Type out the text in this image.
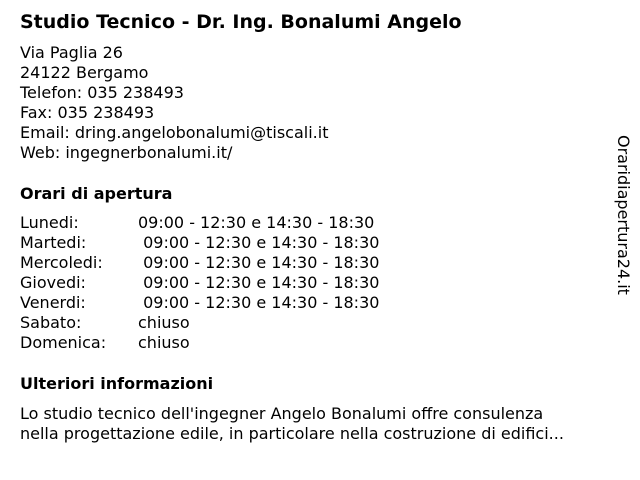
Studio Tecnico - Dr. Ing. Bonalumi Angelo
Via Paglia 26
24122 Bergamo
Telefon: 035 238493
Fax: 035 238493
Email: dring.angelobonalumi@tiscali.it
Web: ingegnerbonalumi.it/
Orari di apertura
Lunedi:	09:00 - 12:30 e 14:30 - 18:30
Martedi:	09:00 - 12:30 e 14:30 - 18:30
Mercoledi: 09:00 - 12:30 e 14:30 - 18:30
Giovedi:	09:00 - 12:30 e 14:30 - 18:30
Venerdi:	09:00 - 12:30 e 14:30 - 18:30
Sabato:	chiuso
Domenica: chiuso
Ulteriori informazioni
Lo studio tecnico dell'ingegner Angelo Bonalumi offre consulenza
nella progettazione edile, in particolare nella costruzione di edifici...
Oraridiapertura24.it
